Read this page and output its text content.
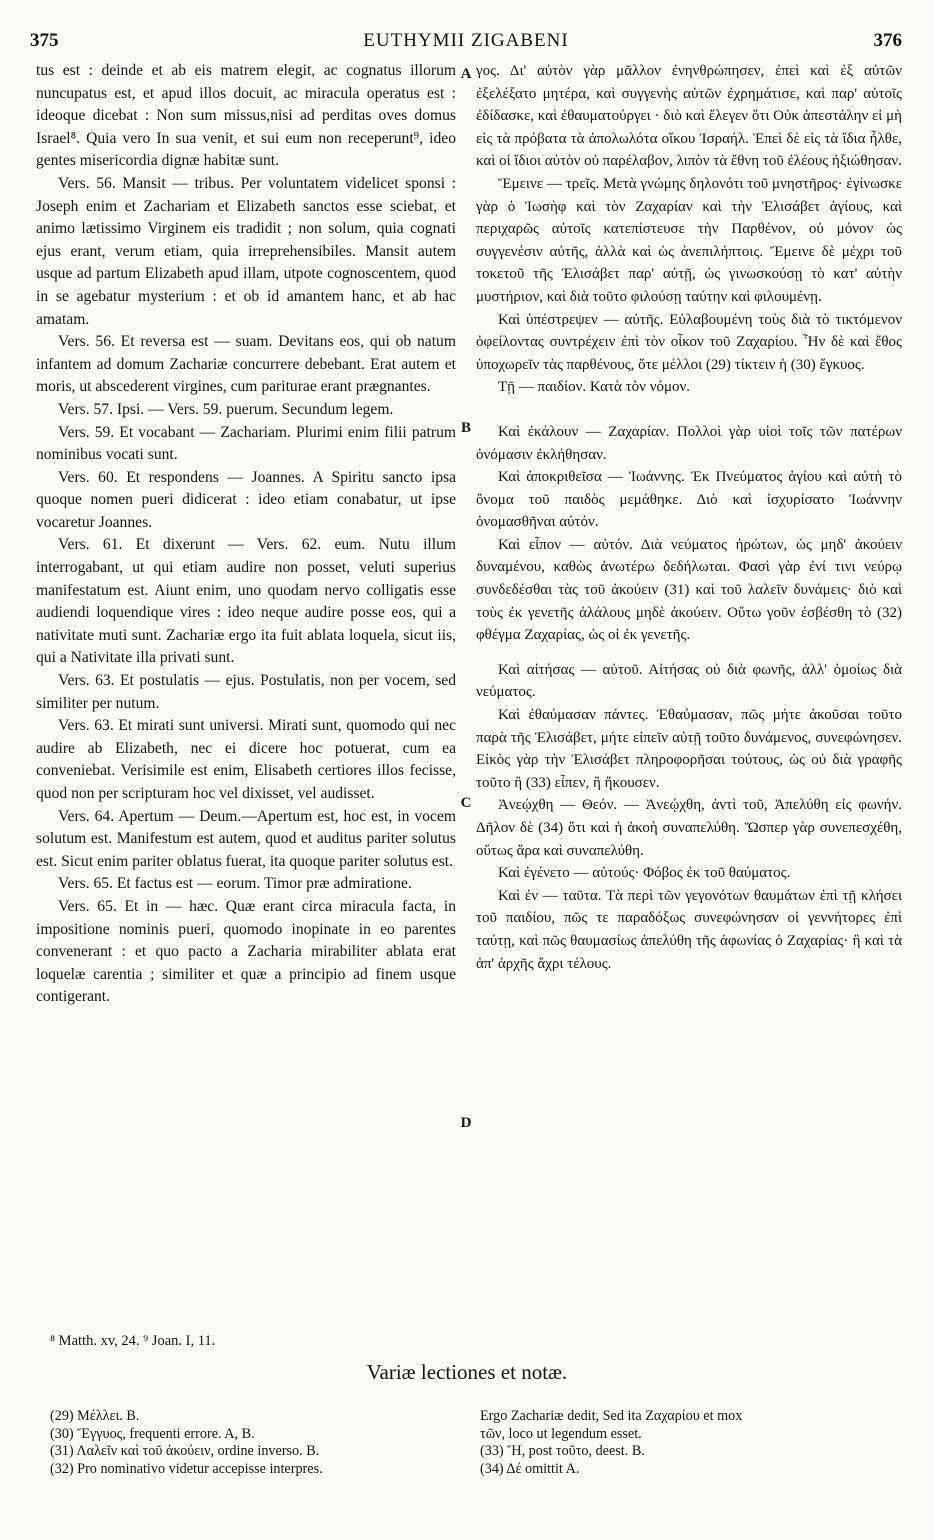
375	EUTHYMII ZIGABENI	376

tus est : deinde et ab eis matrem elegit, ac cognatus illorum nuncupatus est, et apud illos docuit, ac miracula operatus est : ideoque dicebat : Non sum missus,nisi ad perditas oves domus Israel⁸. Quia vero In sua venit, et sui eum non receperunt⁹, ideo gentes misericordia dignæ habitæ sunt.

Vers. 56. Mansit — tribus. Per voluntatem videlicet sponsi : Joseph enim et Zachariam et Elizabeth sanctos esse sciebat, et animo lætissimo Virginem eis tradidit ; non solum, quia cognati ejus erant, verum etiam, quia irreprehensibiles. Mansit autem usque ad partum Elizabeth apud illam, utpote cognoscentem, quod in se agebatur mysterium : et ob id amantem hanc, et ab hac amatam.

Vers. 56. Et reversa est — suam. Devitans eos, qui ob natum infantem ad domum Zachariæ concurrere debebant. Erat autem et moris, ut abscederent virgines, cum pariturae erant prægnantes.

Vers. 57. Ipsi. — Vers. 59. puerum. Secundum legem.

Vers. 59. Et vocabant — Zachariam. Plurimi enim filii patrum nominibus vocati sunt.

Vers. 60. Et respondens — Joannes. A Spiritu sancto ipsa quoque nomen pueri didicerat : ideo etiam conabatur, ut ipse vocaretur Joannes.

Vers. 61. Et dixerunt — Vers. 62. eum. Nutu illum interrogabant, ut qui etiam audire non posset, veluti superius manifestatum est. Aiunt enim, uno quodam nervo colligatis esse audiendi loquendique vires : ideo neque audire posse eos, qui a nativitate muti sunt. Zachariæ ergo ita fuit ablata loquela, sicut iis, qui a Nativitate illa privati sunt.

Vers. 63. Et postulatis — ejus. Postulatis, non per vocem, sed similiter per nutum.

Vers. 63. Et mirati sunt universi. Mirati sunt, quomodo qui nec audire ab Elizabeth, nec ei dicere hoc potuerat, cum ea conveniebat. Verisimile est enim, Elisabeth certiores illos fecisse, quod non per scripturam hoc vel dixisset, vel audisset.

Vers. 64. Apertum — Deum.—Apertum est, hoc est, in vocem solutum est. Manifestum est autem, quod et auditus pariter solutus est. Sicut enim pariter oblatus fuerat, ita quoque pariter solutus est.

Vers. 65. Et factus est — eorum. Timor præ admiratione.

Vers. 65. Et in — hæc. Quæ erant circa miracula facta, in impositione nominis pueri, quomodo inopinate in eo parentes convenerant : et quo pacto a Zacharia mirabiliter ablata erat loquelæ carentia ; similiter et quæ a principio ad finem usque contigerant.

A
B
C
D

γος. Δι' αὐτὸν γὰρ μᾶλλον ἐνηνθρώπησεν, ἐπεὶ καὶ ἐξ αὐτῶν ἐξελέξατο μητέρα, καὶ συγγενὴς αὐτῶν ἐχρημάτισε, καὶ παρ' αὐτοῖς ἐδίδασκε, καὶ ἐθαυματούργει · διὸ καὶ ἔλεγεν ὅτι Οὐκ ἀπεστάλην εἰ μὴ εἰς τὰ πρόβατα τὰ ἀπολωλότα οἴκου Ἰσραήλ. Ἐπεὶ δὲ εἰς τὰ ἴδια ἦλθε, καὶ οἱ ἴδιοι αὐτὸν οὐ παρέλαβον, λιπὸν τὰ ἔθνη τοῦ ἐλέους ἠξιώθησαν.

Ἔμεινε — τρεῖς. Μετὰ γνώμης δηλονότι τοῦ μνηστῆρος· ἐγίνωσκε γὰρ ὁ Ἰωσὴφ καὶ τὸν Ζαχαρίαν καὶ τὴν Ἐλισάβετ ἁγίους, καὶ περιχαρῶς αὐτοῖς κατεπίστευσε τὴν Παρθένον, οὐ μόνον ὡς συγγενέσιν αὐτῆς, ἀλλὰ καὶ ὡς ἀνεπιλήπτοις. Ἔμεινε δὲ μέχρι τοῦ τοκετοῦ τῆς Ἐλισάβετ παρ' αὐτῇ, ὡς γινωσκούσῃ τὸ κατ' αὐτὴν μυστήριον, καὶ διὰ τοῦτο φιλούσῃ ταύτην καὶ φιλουμένῃ.

Καὶ ὑπέστρεψεν — αὐτῆς. Εὐλαβουμένη τοὺς διὰ τὸ τικτόμενον ὀφείλοντας συντρέχειν ἐπὶ τὸν οἶκον τοῦ Ζαχαρίου. Ἦν δὲ καὶ ἔθος ὑποχωρεῖν τὰς παρθένους, ὅτε μέλλοι (29) τίκτειν ἡ (30) ἔγκυος.

Τῇ — παιδίον. Κατὰ τὸν νόμον.

Καὶ ἐκάλουν — Ζαχαρίαν. Πολλοὶ γὰρ υἱοὶ τοῖς τῶν πατέρων ὀνόμασιν ἐκλήθησαν.

Καὶ ἀποκριθεῖσα — Ἰωάννης. Ἐκ Πνεύματος ἁγίου καὶ αὐτὴ τὸ ὄνομα τοῦ παιδὸς μεμάθηκε. Διὸ καὶ ἰσχυρίσατο Ἰωάννην ὀνομασθῆναι αὐτόν.

Καὶ εἶπον — αὐτόν. Διὰ νεύματος ἠρώτων, ὡς μηδ' ἀκούειν δυναμένου, καθὼς ἀνωτέρω δεδήλωται. Φασὶ γὰρ ἐνί τινι νεύρῳ συνδεδέσθαι τὰς τοῦ ἀκούειν (31) καὶ τοῦ λαλεῖν δυνάμεις· διὸ καὶ τοὺς ἐκ γενετῆς ἀλάλους μηδὲ ἀκούειν. Οὕτω γοῦν ἐσβέσθη τὸ (32) φθέγμα Ζαχαρίας, ὡς οἱ ἐκ γενετῆς.

Καὶ αἰτήσας — αὐτοῦ. Αἰτήσας οὐ διὰ φωνῆς, ἀλλ' ὁμοίως διὰ νεύματος.

Καὶ ἐθαύμασαν πάντες. Ἐθαύμασαν, πῶς μήτε ἀκοῦσαι τοῦτο παρὰ τῆς Ἐλισάβετ, μήτε εἰπεῖν αὐτῇ τοῦτο δυνάμενος, συνεφώνησεν. Εἰκὸς γὰρ τὴν Ἐλισάβετ πληροφορῆσαι τούτους, ὡς οὐ διὰ γραφῆς τοῦτο ἢ (33) εἶπεν, ἢ ἤκουσεν.

Ἀνεῴχθη — Θεόν. — Ἀνεῴχθη, ἀντὶ τοῦ, Ἀπελύθη εἰς φωνήν. Δῆλον δὲ (34) ὅτι καὶ ἡ ἀκοὴ συναπελύθη. Ὥσπερ γὰρ συνεπεσχέθη, οὕτως ἄρα καὶ συναπελύθη.

Καὶ ἐγένετο — αὐτούς· Φόβος ἐκ τοῦ θαύματος.

Καὶ ἐν — ταῦτα. Τὰ περὶ τῶν γεγονότων θαυμάτων ἐπὶ τῇ κλήσει τοῦ παιδίου, πῶς τε παραδόξως συνεφώνησαν οἱ γεννήτορες ἐπὶ ταύτῃ, καὶ πῶς θαυμασίως ἀπελύθη τῆς ἀφωνίας ὁ Ζαχαρίας· ἢ καὶ τὰ ἀπ' ἀρχῆς ἄχρι τέλους.

⁸ Matth. xv, 24. ⁹ Joan. I, 11.
Variæ lectiones et notæ.
(29) Μέλλει. B.
(30) Ἔγγυος, frequenti errore. A, B.
(31) Λαλεῖν καὶ τοῦ ἀκούειν, ordine inverso. B.
(32) Pro nominativo videtur accepisse interpres.
Ergo Zachariæ dedit, Sed ita Ζαχαρίου et mox
τῶν, loco ut legendum esset.
(33) Ἤ, post τοῦτο, deest. B.
(34) Δέ omittit A.
